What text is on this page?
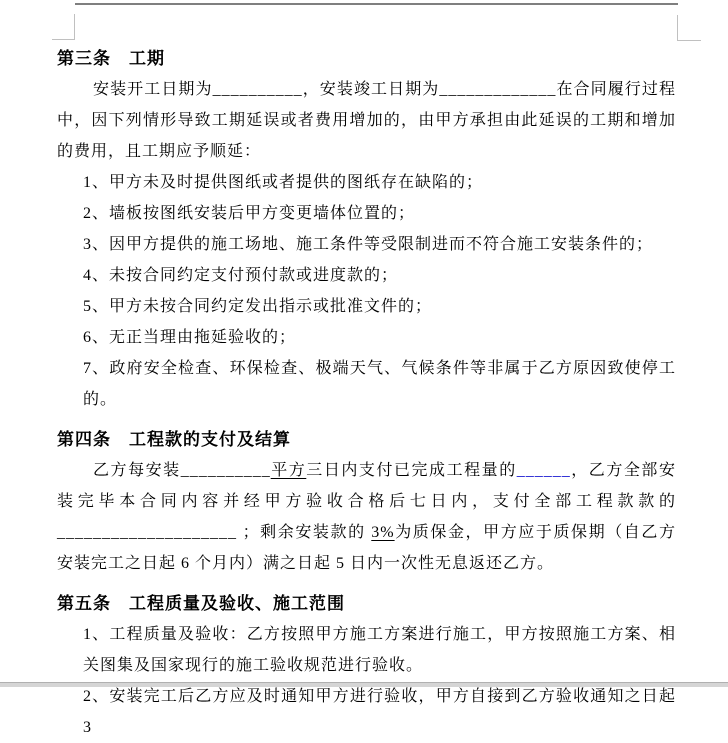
第三条　工期

安装开工日期为__________，安装竣工日期为_____________在合同履行过程中，因下列情形导致工期延误或者费用增加的，由甲方承担由此延误的工期和增加的费用，且工期应予顺延：

1、甲方未及时提供图纸或者提供的图纸存在缺陷的；

2、墙板按图纸安装后甲方变更墙体位置的；

3、因甲方提供的施工场地、施工条件等受限制进而不符合施工安装条件的；

4、未按合同约定支付预付款或进度款的；

5、甲方未按合同约定发出指示或批准文件的；

6、无正当理由拖延验收的；

7、政府安全检查、环保检查、极端天气、气候条件等非属于乙方原因致使停工的。

第四条　工程款的支付及结算

乙方每安装__________平方三日内支付已完成工程量的______，乙方全部安装完毕本合同内容并经甲方验收合格后七日内，支付全部工程款款的____________________ ；剩余安装款的 3%为质保金，甲方应于质保期（自乙方安装完工之日起 6 个月内）满之日起 5 日内一次性无息返还乙方。

第五条　工程质量及验收、施工范围

1、工程质量及验收：乙方按照甲方施工方案进行施工，甲方按照施工方案、相关图集及国家现行的施工验收规范进行验收。

2、安装完工后乙方应及时通知甲方进行验收，甲方自接到乙方验收通知之日起 3
